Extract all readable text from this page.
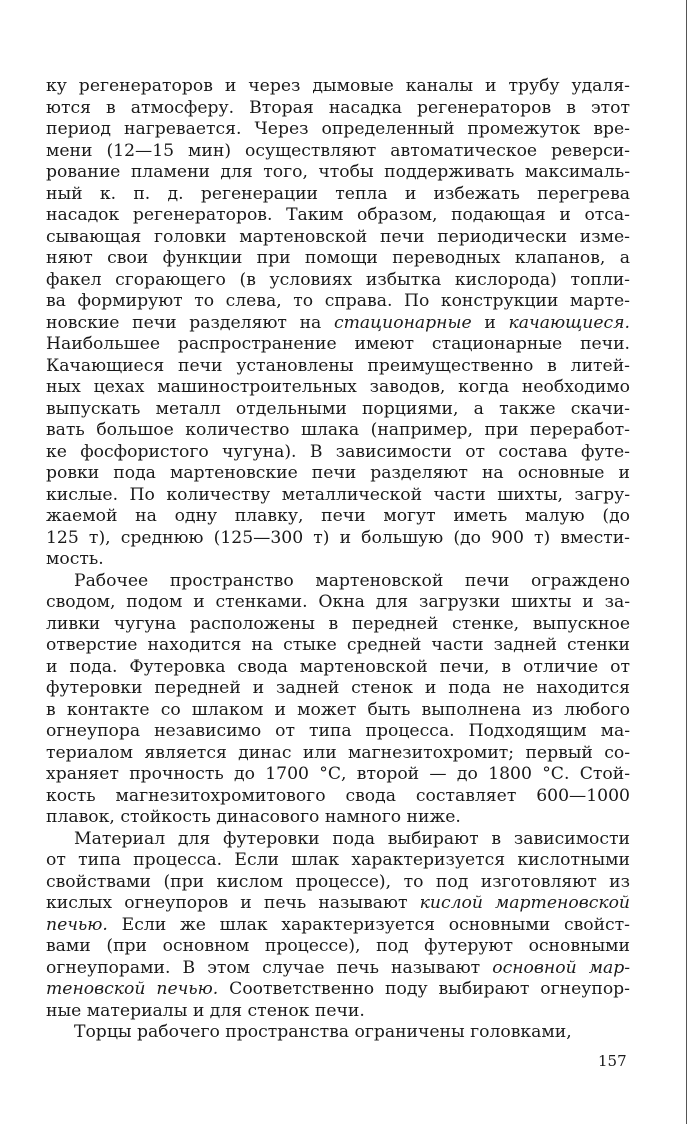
ку регенераторов и через дымовые каналы и трубу удаля-
ются в атмосферу. Вторая насадка регенераторов в этот
период нагревается. Через определенный промежуток вре-
мени (12—15 мин) осуществляют автоматическое реверси-
рование пламени для того, чтобы поддерживать максималь-
ный к. п. д. регенерации тепла и избежать перегрева
насадок регенераторов. Таким образом, подающая и отса-
сывающая головки мартеновской печи периодически изме-
няют свои функции при помощи переводных клапанов, а
факел сгорающего (в условиях избытка кислорода) топли-
ва формируют то слева, то справа. По конструкции марте-
новские печи разделяют на стационарные и качающиеся.
Наибольшее распространение имеют стационарные печи.
Качающиеся печи установлены преимущественно в литей-
ных цехах машиностроительных заводов, когда необходимо
выпускать металл отдельными порциями, а также скачи-
вать большое количество шлака (например, при переработ-
ке фосфористого чугуна). В зависимости от состава футе-
ровки пода мартеновские печи разделяют на основные и
кислые. По количеству металлической части шихты, загру-
жаемой на одну плавку, печи могут иметь малую (до
125 т), среднюю (125—300 т) и большую (до 900 т) вмести-
мость.
Рабочее пространство мартеновской печи ограждено
сводом, подом и стенками. Окна для загрузки шихты и за-
ливки чугуна расположены в передней стенке, выпускное
отверстие находится на стыке средней части задней стенки
и пода. Футеровка свода мартеновской печи, в отличие от
футеровки передней и задней стенок и пода не находится
в контакте со шлаком и может быть выполнена из любого
огнеупора независимо от типа процесса. Подходящим ма-
териалом является динас или магнезитохромит; первый со-
храняет прочность до 1700 °С, второй — до 1800 °С. Стой-
кость магнезитохромитового свода составляет 600—1000
плавок, стойкость динасового намного ниже.
Материал для футеровки пода выбирают в зависимости
от типа процесса. Если шлак характеризуется кислотными
свойствами (при кислом процессе), то под изготовляют из
кислых огнеупоров и печь называют кислой мартеновской
печью. Если же шлак характеризуется основными свойст-
вами (при основном процессе), под футеруют основными
огнеупорами. В этом случае печь называют основной мар-
теновской печью. Соответственно поду выбирают огнеупор-
ные материалы и для стенок печи.
Торцы рабочего пространства ограничены головками,
157
